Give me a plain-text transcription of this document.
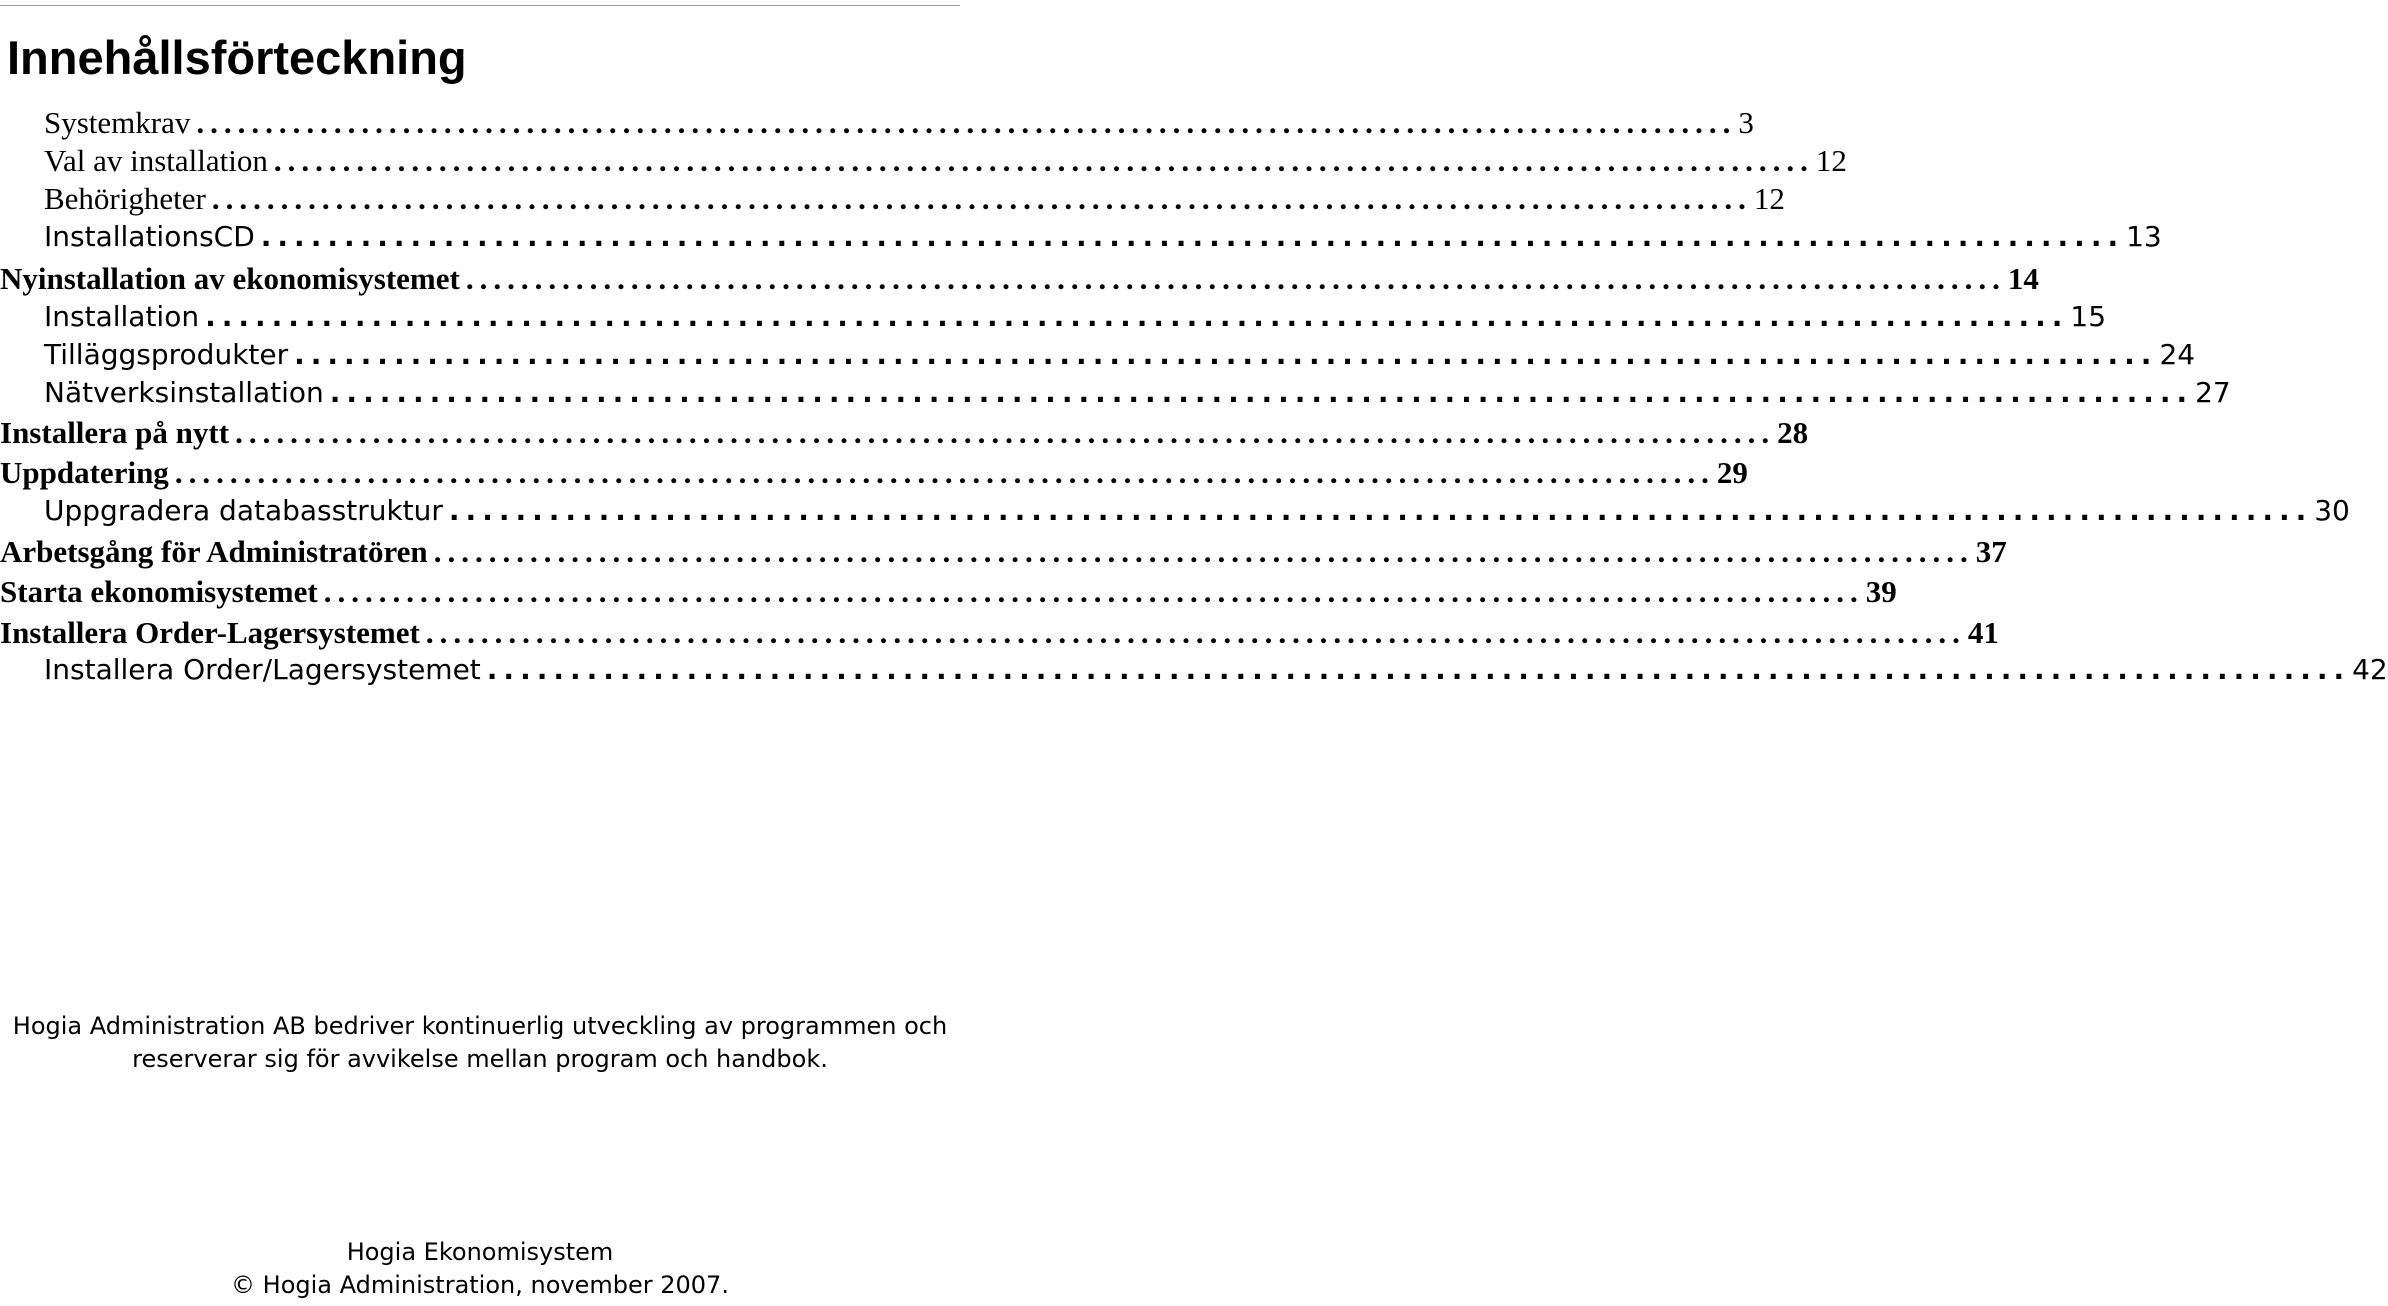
Innehållsförteckning
Systemkrav ................................................................................................................ 3
Val av installation ................................................................................................................ 12
Behörigheter ................................................................................................................ 12
InstallationsCD ................................................................................................................ 13
Nyinstallation av ekonomisystemet ................................................................................................................ 14
Installation ................................................................................................................ 15
Tilläggsprodukter ................................................................................................................ 24
Nätverksinstallation ................................................................................................................ 27
Installera på nytt ................................................................................................................ 28
Uppdatering ................................................................................................................ 29
Uppgradera databasstruktur ................................................................................................................ 30
Arbetsgång för Administratören ................................................................................................................ 37
Starta ekonomisystemet ................................................................................................................ 39
Installera Order-Lagersystemet ................................................................................................................ 41
Installera Order/Lagersystemet ................................................................................................................ 42

Hogia Administration AB bedriver kontinuerlig utveckling av programmen och

reserverar sig för avvikelse mellan program och handbok.

Hogia Ekonomisystem

© Hogia Administration, november 2007.
